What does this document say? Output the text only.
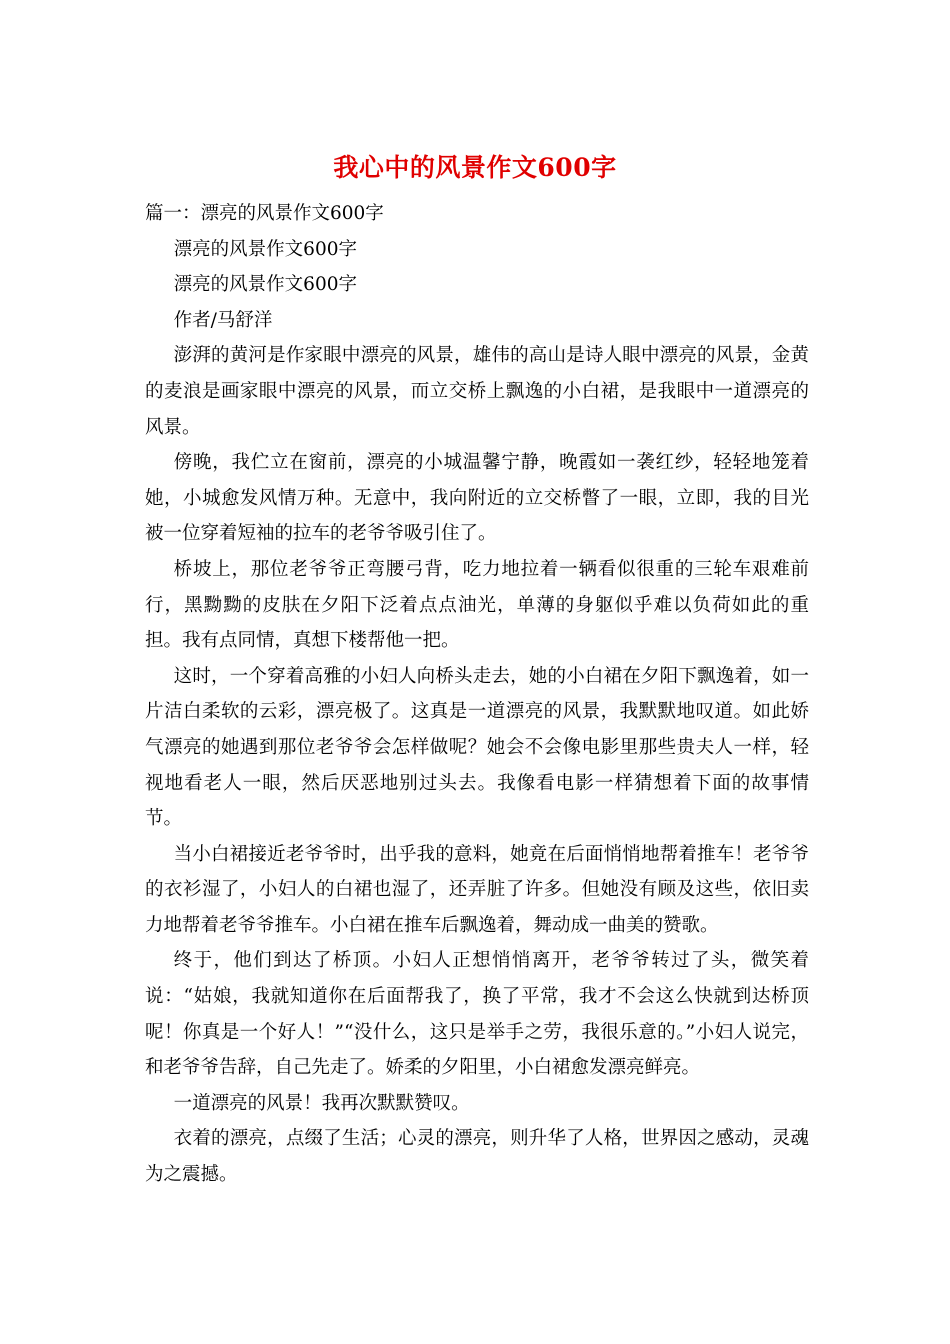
我心中的风景作文600字

篇一：漂亮的风景作文600字

漂亮的风景作文600字

漂亮的风景作文600字

作者/马舒洋

澎湃的黄河是作家眼中漂亮的风景，雄伟的高山是诗人眼中漂亮的风景，金黄的麦浪是画家眼中漂亮的风景，而立交桥上飘逸的小白裙，是我眼中一道漂亮的风景。

傍晚，我伫立在窗前，漂亮的小城温馨宁静，晚霞如一袭红纱，轻轻地笼着她，小城愈发风情万种。无意中，我向附近的立交桥瞥了一眼，立即，我的目光被一位穿着短袖的拉车的老爷爷吸引住了。

桥坡上，那位老爷爷正弯腰弓背，吃力地拉着一辆看似很重的三轮车艰难前行，黑黝黝的皮肤在夕阳下泛着点点油光，单薄的身躯似乎难以负荷如此的重担。我有点同情，真想下楼帮他一把。

这时，一个穿着高雅的小妇人向桥头走去，她的小白裙在夕阳下飘逸着，如一片洁白柔软的云彩，漂亮极了。这真是一道漂亮的风景，我默默地叹道。如此娇气漂亮的她遇到那位老爷爷会怎样做呢？她会不会像电影里那些贵夫人一样，轻视地看老人一眼，然后厌恶地别过头去。我像看电影一样猜想着下面的故事情节。

当小白裙接近老爷爷时，出乎我的意料，她竟在后面悄悄地帮着推车！老爷爷的衣衫湿了，小妇人的白裙也湿了，还弄脏了许多。但她没有顾及这些，依旧卖力地帮着老爷爷推车。小白裙在推车后飘逸着，舞动成一曲美的赞歌。

终于，他们到达了桥顶。小妇人正想悄悄离开，老爷爷转过了头，微笑着说：“姑娘，我就知道你在后面帮我了，换了平常，我才不会这么快就到达桥顶呢！你真是一个好人！”“没什么，这只是举手之劳，我很乐意的。”小妇人说完，和老爷爷告辞，自己先走了。娇柔的夕阳里，小白裙愈发漂亮鲜亮。

一道漂亮的风景！我再次默默赞叹。

衣着的漂亮，点缀了生活；心灵的漂亮，则升华了人格，世界因之感动，灵魂为之震撼。
